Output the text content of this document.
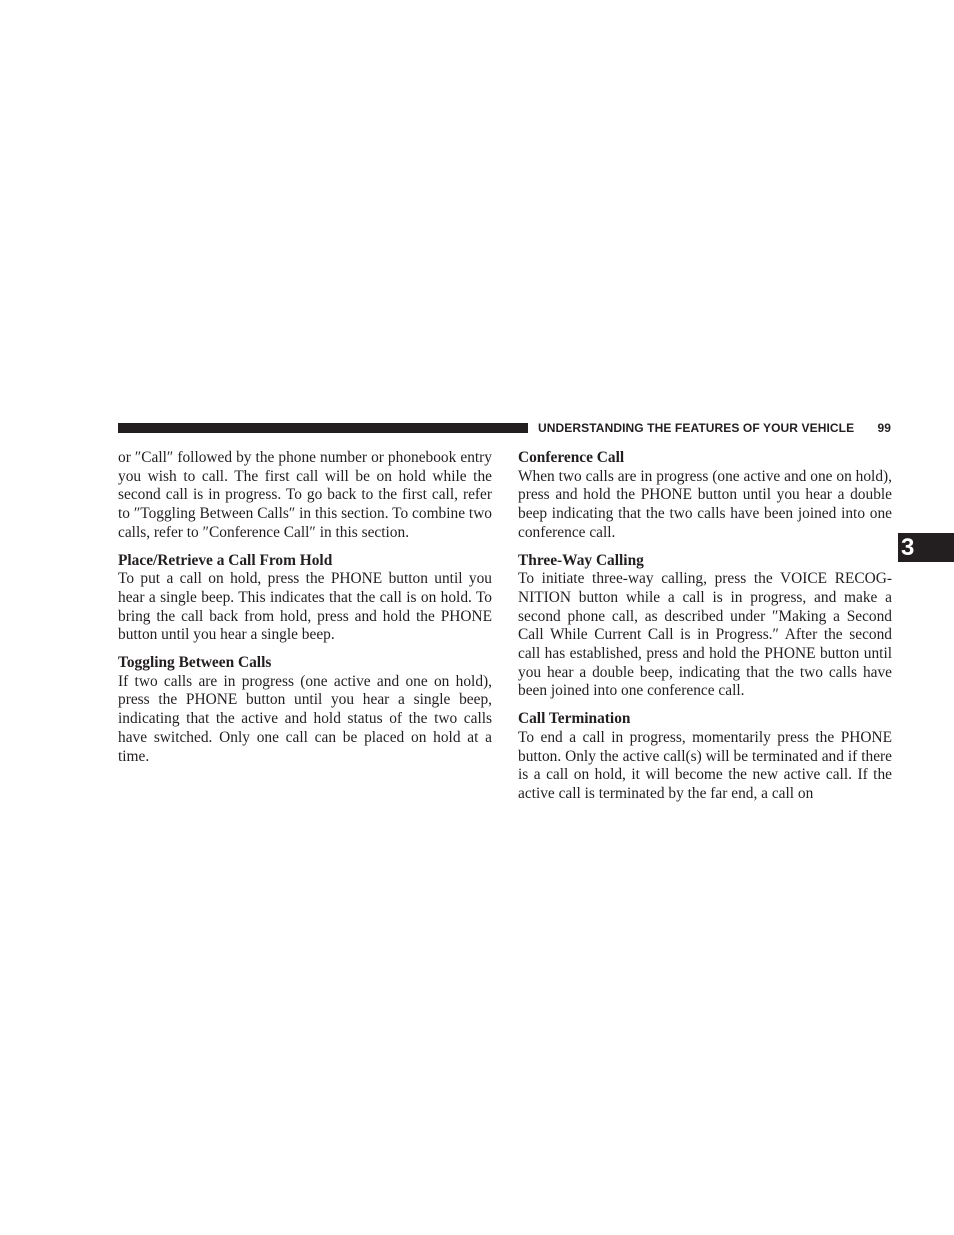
UNDERSTANDING THE FEATURES OF YOUR VEHICLE 99
3

or ″Call″ followed by the phone number or phonebook entry you wish to call. The first call will be on hold while the second call is in progress. To go back to the first call, refer to ″Toggling Between Calls″ in this section. To combine two calls, refer to ″Conference Call″ in this section.

Place/Retrieve a Call From Hold

To put a call on hold, press the PHONE button until you hear a single beep. This indicates that the call is on hold. To bring the call back from hold, press and hold the PHONE button until you hear a single beep.

Toggling Between Calls

If two calls are in progress (one active and one on hold), press the PHONE button until you hear a single beep, indicating that the active and hold status of the two calls have switched. Only one call can be placed on hold at a time.

Conference Call

When two calls are in progress (one active and one on hold), press and hold the PHONE button until you hear a double beep indicating that the two calls have been joined into one conference call.

Three-Way Calling

To initiate three-way calling, press the VOICE RECOG-NITION button while a call is in progress, and make a second phone call, as described under ″Making a Second Call While Current Call is in Progress.″ After the second call has established, press and hold the PHONE button until you hear a double beep, indicating that the two calls have been joined into one conference call.

Call Termination

To end a call in progress, momentarily press the PHONE button. Only the active call(s) will be terminated and if there is a call on hold, it will become the new active call. If the active call is terminated by the far end, a call on
